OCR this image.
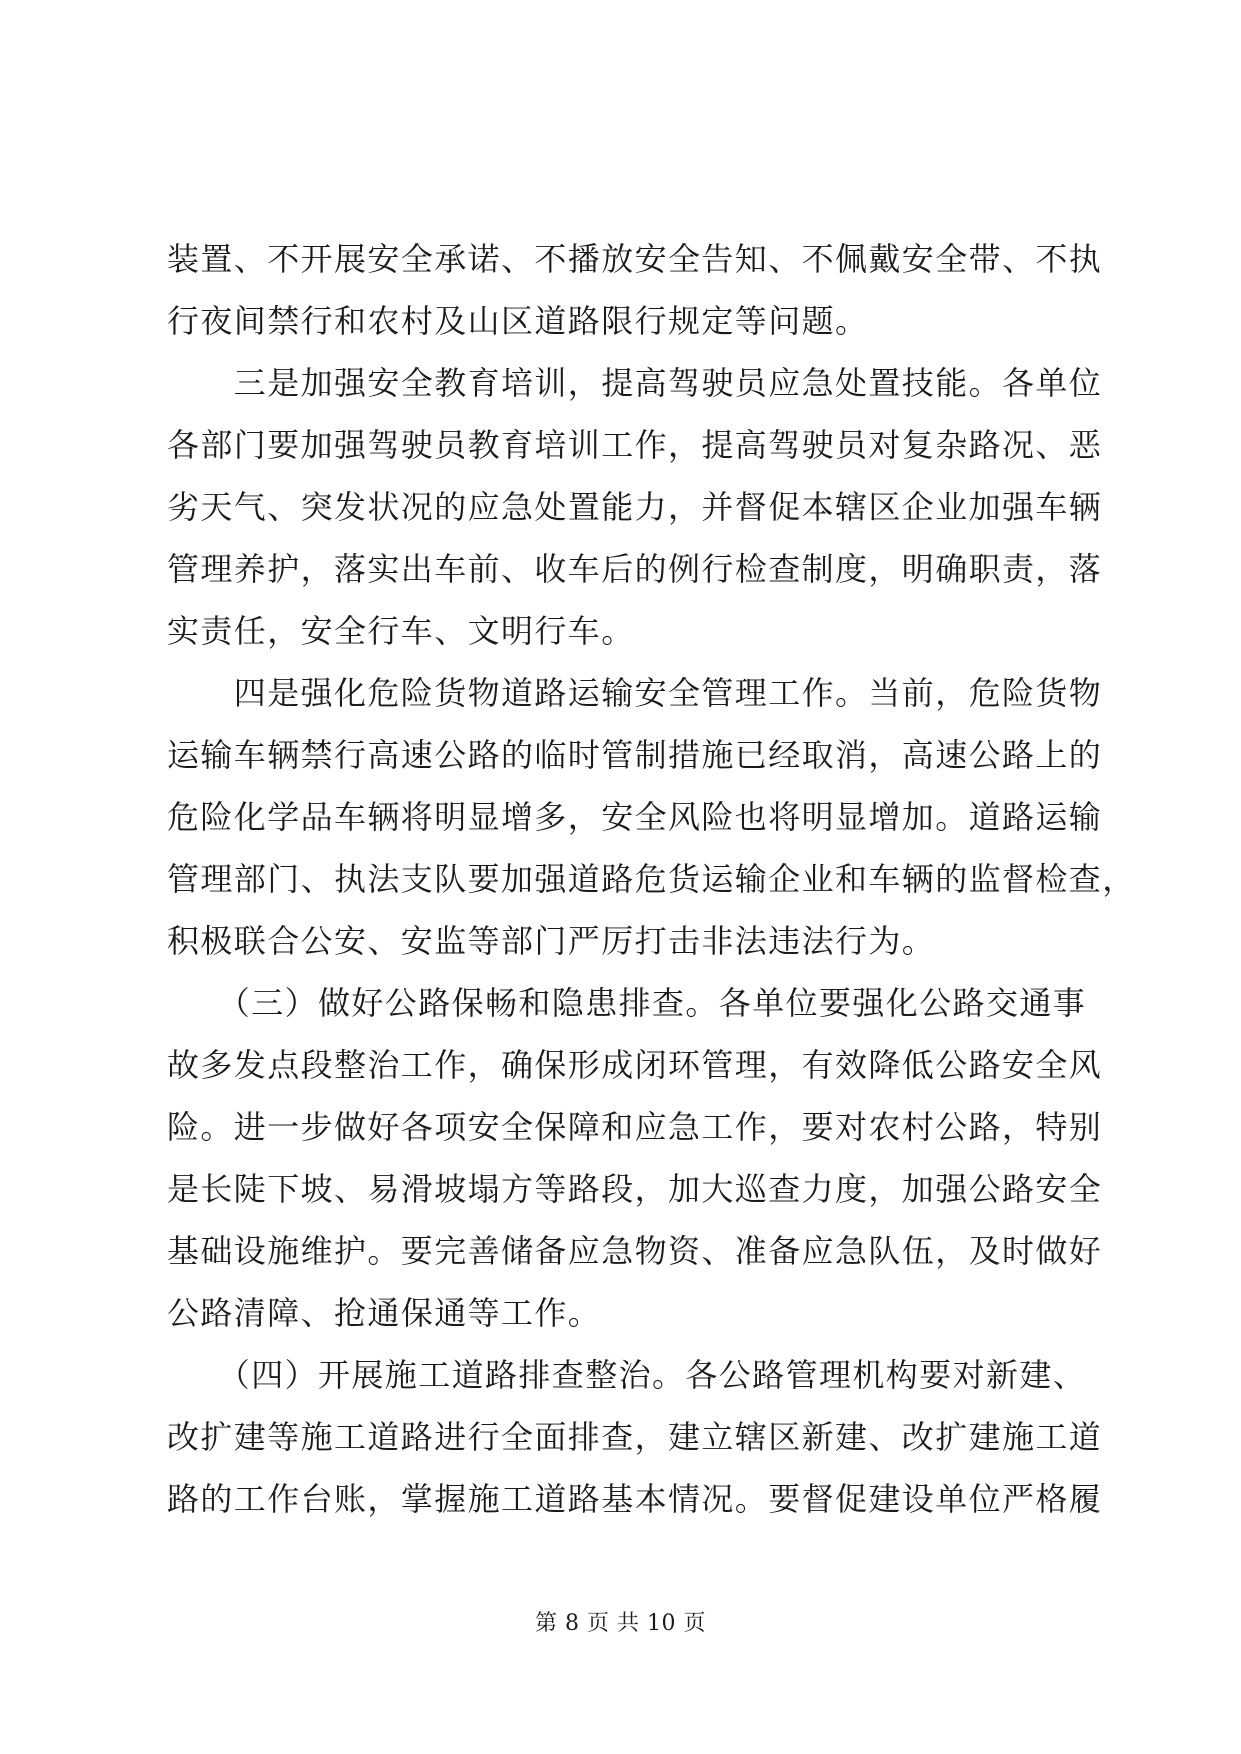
装置、不开展安全承诺、不播放安全告知、不佩戴安全带、不执
行夜间禁行和农村及山区道路限行规定等问题。
　　三是加强安全教育培训，提高驾驶员应急处置技能。各单位
各部门要加强驾驶员教育培训工作，提高驾驶员对复杂路况、恶
劣天气、突发状况的应急处置能力，并督促本辖区企业加强车辆
管理养护，落实出车前、收车后的例行检查制度，明确职责，落
实责任，安全行车、文明行车。
　　四是强化危险货物道路运输安全管理工作。当前，危险货物
运输车辆禁行高速公路的临时管制措施已经取消，高速公路上的
危险化学品车辆将明显增多，安全风险也将明显增加。道路运输
管理部门、执法支队要加强道路危货运输企业和车辆的监督检查，
积极联合公安、安监等部门严厉打击非法违法行为。
　　（三）做好公路保畅和隐患排查。各单位要强化公路交通事
故多发点段整治工作，确保形成闭环管理，有效降低公路安全风
险。进一步做好各项安全保障和应急工作，要对农村公路，特别
是长陡下坡、易滑坡塌方等路段，加大巡查力度，加强公路安全
基础设施维护。要完善储备应急物资、准备应急队伍，及时做好
公路清障、抢通保通等工作。
　　（四）开展施工道路排查整治。各公路管理机构要对新建、
改扩建等施工道路进行全面排查，建立辖区新建、改扩建施工道
路的工作台账，掌握施工道路基本情况。要督促建设单位严格履
第 8 页 共 10 页
